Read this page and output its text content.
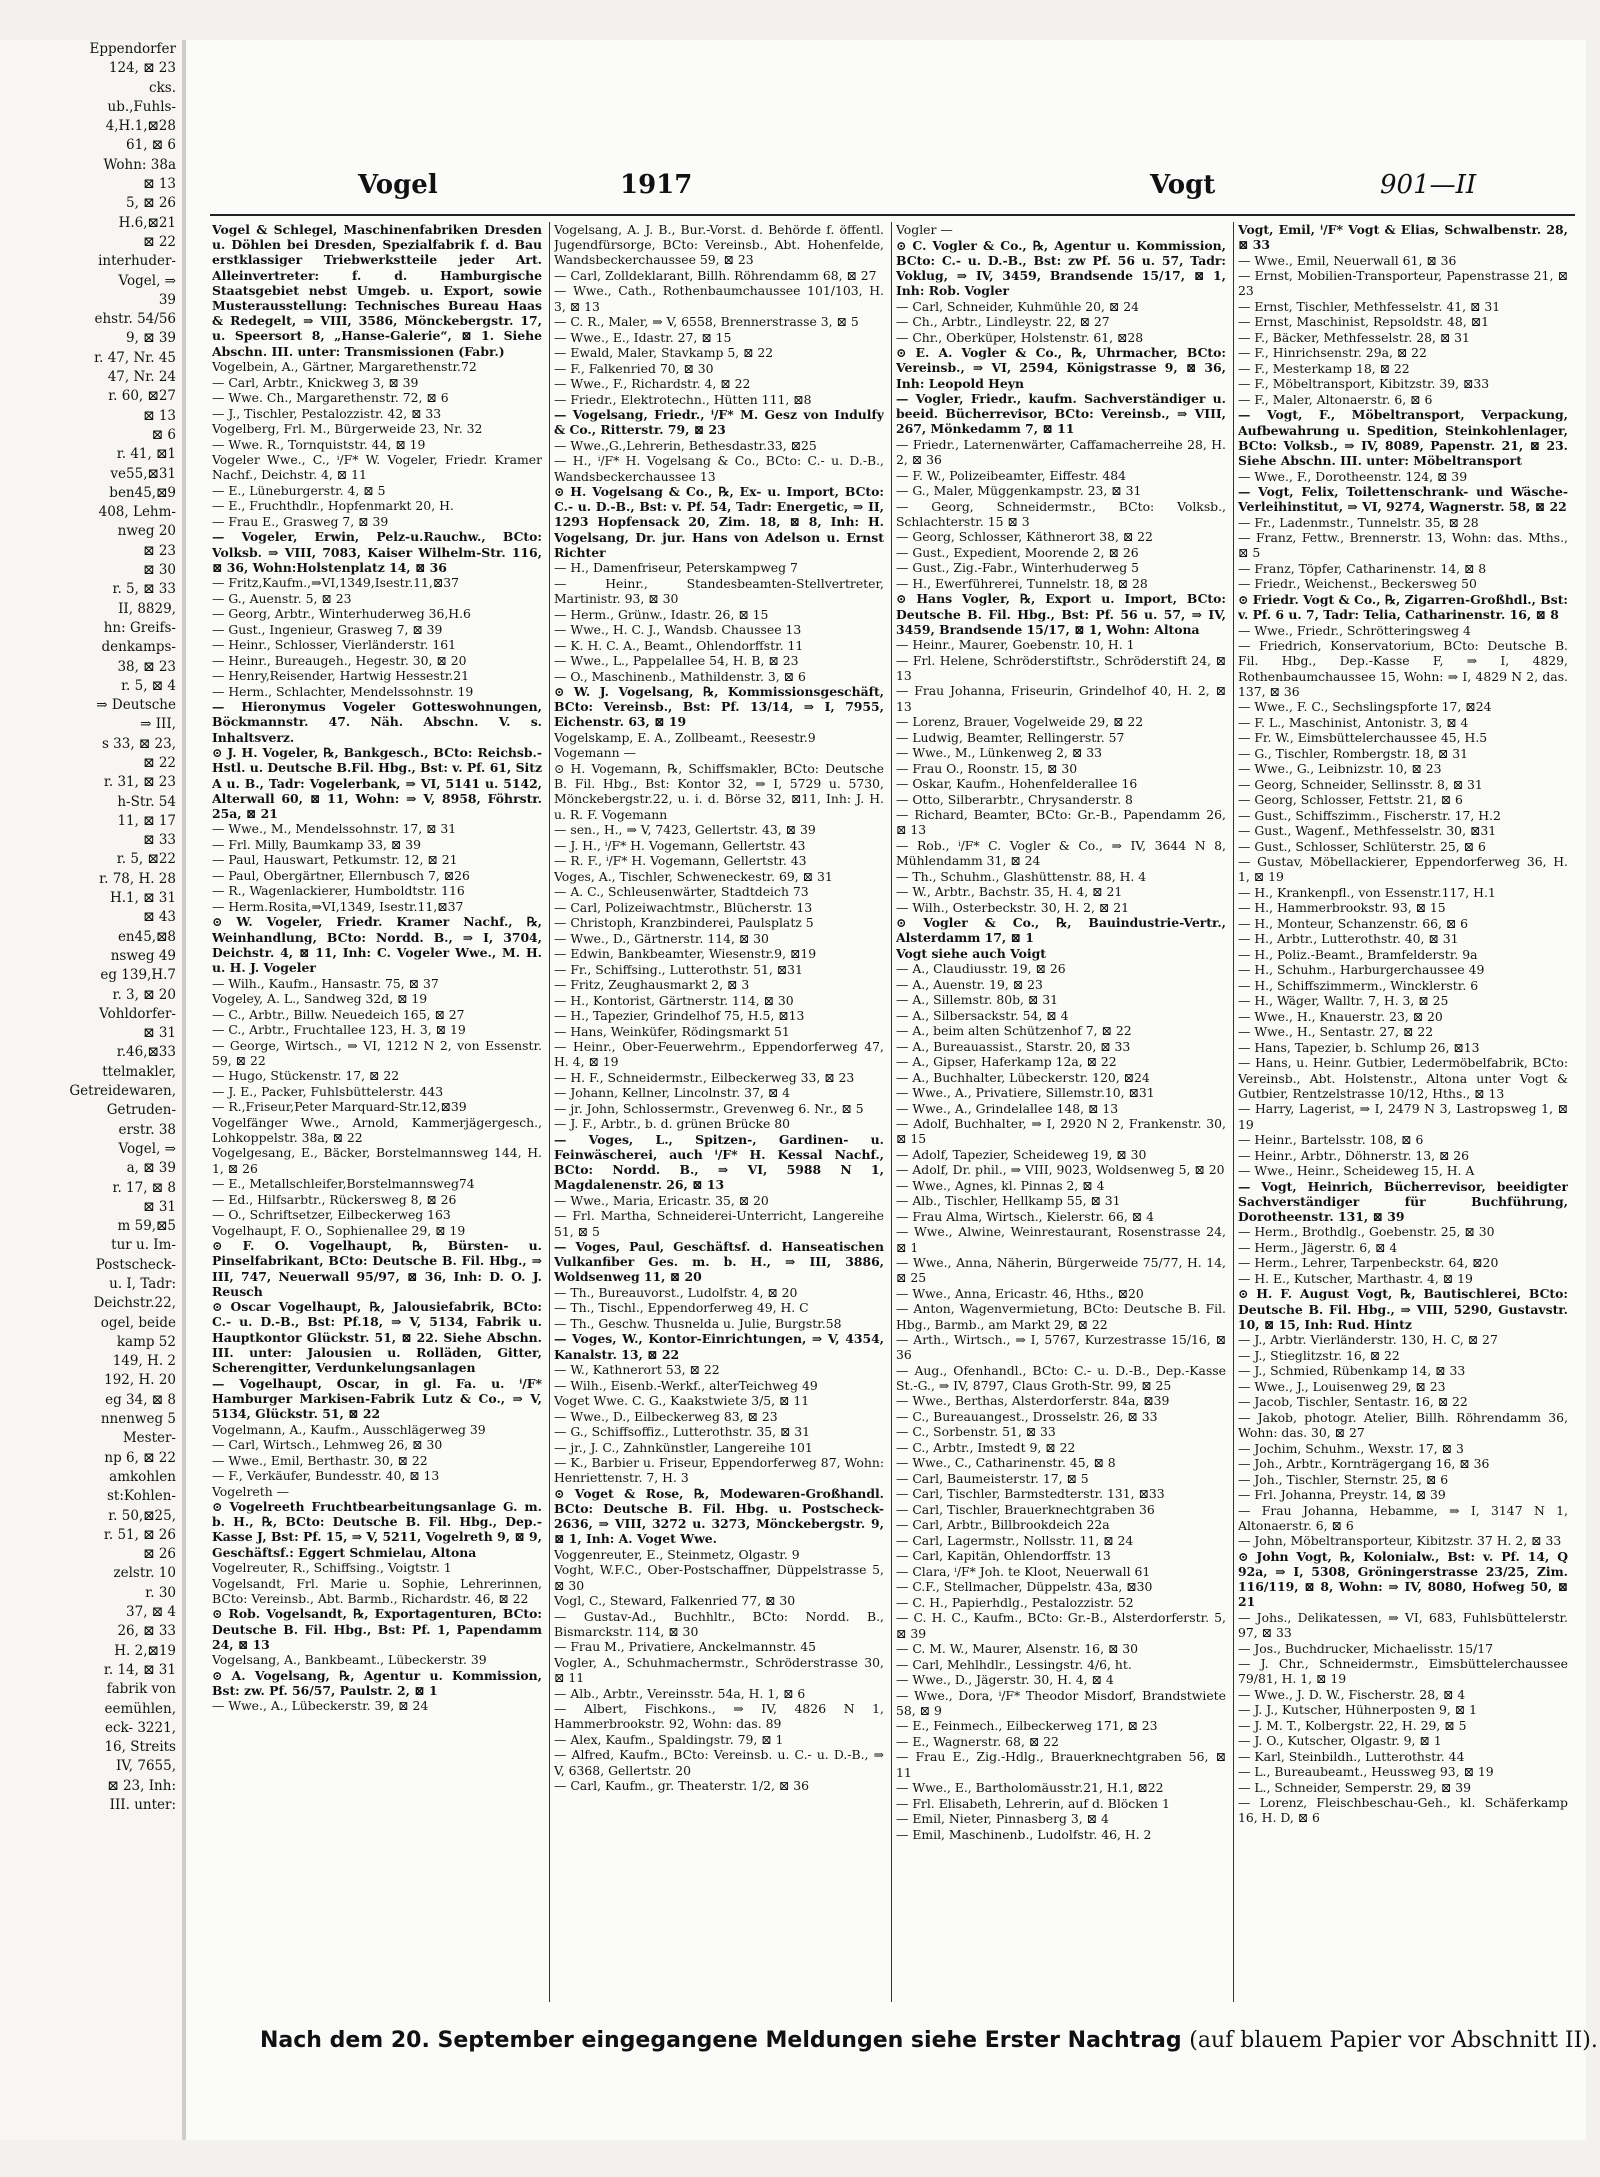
Eppendorfer
124, ⊠ 23
cks.
ub.,Fuhls-
4,H.1,⊠28
61, ⊠ 6
Wohn: 38a
⊠ 13
5, ⊠ 26
H.6,⊠21
⊠ 22
interhuder-
Vogel, ⇒
39
ehstr. 54/56
9, ⊠ 39
r. 47, Nr. 45
47, Nr. 24
r. 60, ⊠27
⊠ 13
⊠ 6
r. 41, ⊠1
ve55,⊠31
ben45,⊠9
408, Lehm-
nweg 20
⊠ 23
⊠ 30
r. 5, ⊠ 33
II, 8829,
hn: Greifs-
denkamps-
38, ⊠ 23
r. 5, ⊠ 4
⇒ Deutsche
⇒ III,
s 33, ⊠ 23,
⊠ 22
r. 31, ⊠ 23
h-Str. 54
11, ⊠ 17
⊠ 33
r. 5, ⊠22
r. 78, H. 28
H.1, ⊠ 31
⊠ 43
en45,⊠8
nsweg 49
eg 139,H.7
r. 3, ⊠ 20
Vohldorfer-
⊠ 31
r.46,⊠33
ttelmakler,
Getreidewaren,
Getruden-
erstr. 38
Vogel, ⇒
a, ⊠ 39
r. 17, ⊠ 8
⊠ 31
m 59,⊠5
tur u. Im-
Postscheck-
u. I, Tadr:
Deichstr.22,
ogel, beide
kamp 52
149, H. 2
192, H. 20
eg 34, ⊠ 8
nnenweg 5
Mester-
np 6, ⊠ 22
amkohlen
st:Kohlen-
r. 50,⊠25,
r. 51, ⊠ 26
⊠ 26
zelstr. 10
r. 30
37, ⊠ 4
26, ⊠ 33
H. 2,⊠19
r. 14, ⊠ 31
fabrik von
eemühlen,
eck- 3221,
16, Streits
IV, 7655,
⊠ 23, Inh:
III. unter:
Vogel	1917	Vogt	901—II
Vogel & Schlegel, Maschinenfabriken Dresden u. Döhlen bei Dresden, Spezialfabrik f. d. Bau erstklassiger Triebwerkstteile jeder Art. Alleinvertreter: f. d. Hamburgische Staatsgebiet nebst Umgeb. u. Export, sowie Musterausstellung: Technisches Bureau Haas & Redegelt, ⇒ VIII, 3586, Mönckebergstr. 17, u. Speersort 8, „Hanse-Galerie“, ⊠ 1. Siehe Abschn. III. unter: Transmissionen (Fabr.)
Vogelbein, A., Gärtner, Margarethenstr.72
— Carl, Arbtr., Knickweg 3, ⊠ 39
— Wwe. Ch., Margarethenstr. 72, ⊠ 6
— J., Tischler, Pestalozzistr. 42, ⊠ 33
Vogelberg, Frl. M., Bürgerweide 23, Nr. 32
— Wwe. R., Tornquiststr. 44, ⊠ 19
Vogeler Wwe., C., ⁱ/F* W. Vogeler, Friedr. Kramer Nachf., Deichstr. 4, ⊠ 11
— E., Lüneburgerstr. 4, ⊠ 5
— E., Fruchthdlr., Hopfenmarkt 20, H.
— Frau E., Grasweg 7, ⊠ 39
— Vogeler, Erwin, Pelz-u.Rauchw., BCto: Volksb. ⇒ VIII, 7083, Kaiser Wilhelm-Str. 116, ⊠ 36, Wohn:Holstenplatz 14, ⊠ 36
— Fritz,Kaufm.,⇒VI,1349,Isestr.11,⊠37
— G., Auenstr. 5, ⊠ 23
— Georg, Arbtr., Winterhuderweg 36,H.6
— Gust., Ingenieur, Grasweg 7, ⊠ 39
— Heinr., Schlosser, Vierländerstr. 161
— Heinr., Bureaugeh., Hegestr. 30, ⊠ 20
— Henry,Reisender, Hartwig Hessestr.21
— Herm., Schlachter, Mendelssohnstr. 19
— Hieronymus Vogeler Gotteswohnungen, Böckmannstr. 47. Näh. Abschn. V. s. Inhaltsverz.
⊙ J. H. Vogeler, ℞, Bankgesch., BCto: Reichsb.-Hstl. u. Deutsche B.Fil. Hbg., Bst: v. Pf. 61, Sitz A u. B., Tadr: Vogelerbank, ⇒ VI, 5141 u. 5142, Alterwall 60, ⊠ 11, Wohn: ⇒ V, 8958, Föhrstr. 25a, ⊠ 21
— Wwe., M., Mendelssohnstr. 17, ⊠ 31
— Frl. Milly, Baumkamp 33, ⊠ 39
— Paul, Hauswart, Petkumstr. 12, ⊠ 21
— Paul, Obergärtner, Ellernbusch 7, ⊠26
— R., Wagenlackierer, Humboldtstr. 116
— Herm.Rosita,⇒VI,1349, Isestr.11,⊠37
⊙ W. Vogeler, Friedr. Kramer Nachf., ℞, Weinhandlung, BCto: Nordd. B., ⇒ I, 3704, Deichstr. 4, ⊠ 11, Inh: C. Vogeler Wwe., M. H. u. H. J. Vogeler
— Wilh., Kaufm., Hansastr. 75, ⊠ 37
Vogeley, A. L., Sandweg 32d, ⊠ 19
— C., Arbtr., Billw. Neuedeich 165, ⊠ 27
— C., Arbtr., Fruchtallee 123, H. 3, ⊠ 19
— George, Wirtsch., ⇒ VI, 1212 N 2, von Essenstr. 59, ⊠ 22
— Hugo, Stückenstr. 17, ⊠ 22
— J. E., Packer, Fuhlsbüttelerstr. 443
— R.,Friseur,Peter Marquard-Str.12,⊠39
Vogelfänger Wwe., Arnold, Kammerjägergesch., Lohkoppelstr. 38a, ⊠ 22
Vogelgesang, E., Bäcker, Borstelmannsweg 144, H. 1, ⊠ 26
— E., Metallschleifer,Borstelmannsweg74
— Ed., Hilfsarbtr., Rückersweg 8, ⊠ 26
— O., Schriftsetzer, Eilbeckerweg 163
Vogelhaupt, F. O., Sophienallee 29, ⊠ 19
⊙ F. O. Vogelhaupt, ℞, Bürsten- u. Pinselfabrikant, BCto: Deutsche B. Fil. Hbg., ⇒ III, 747, Neuerwall 95/97, ⊠ 36, Inh: D. O. J. Reusch
⊙ Oscar Vogelhaupt, ℞, Jalousiefabrik, BCto: C.- u. D.-B., Bst: Pf.18, ⇒ V, 5134, Fabrik u. Hauptkontor Glückstr. 51, ⊠ 22. Siehe Abschn. III. unter: Jalousien u. Rolläden, Gitter, Scherengitter, Verdunkelungsanlagen
— Vogelhaupt, Oscar, in gl. Fa. u. ⁱ/F* Hamburger Markisen-Fabrik Lutz & Co., ⇒ V, 5134, Glückstr. 51, ⊠ 22
Vogelmann, A., Kaufm., Ausschlägerweg 39
— Carl, Wirtsch., Lehmweg 26, ⊠ 30
— Wwe., Emil, Berthastr. 30, ⊠ 22
— F., Verkäufer, Bundesstr. 40, ⊠ 13
Vogelreth —
⊙ Vogelreeth Fruchtbearbeitungsanlage G. m. b. H., ℞, BCto: Deutsche B. Fil. Hbg., Dep.-Kasse J, Bst: Pf. 15, ⇒ V, 5211, Vogelreth 9, ⊠ 9, Geschäftsf.: Eggert Schmielau, Altona
Vogelreuter, R., Schiffsing., Voigtstr. 1
Vogelsandt, Frl. Marie u. Sophie, Lehrerinnen, BCto: Vereinsb., Abt. Barmb., Richardstr. 46, ⊠ 22
⊙ Rob. Vogelsandt, ℞, Exportagenturen, BCto: Deutsche B. Fil. Hbg., Bst: Pf. 1, Papendamm 24, ⊠ 13
Vogelsang, A., Bankbeamt., Lübeckerstr. 39
⊙ A. Vogelsang, ℞, Agentur u. Kommission, Bst: zw. Pf. 56/57, Paulstr. 2, ⊠ 1
— Wwe., A., Lübeckerstr. 39, ⊠ 24
Vogelsang, A. J. B., Bur.-Vorst. d. Behörde f. öffentl. Jugendfürsorge, BCto: Vereinsb., Abt. Hohenfelde, Wandsbeckerchaussee 59, ⊠ 23
— Carl, Zolldeklarant, Billh. Röhrendamm 68, ⊠ 27
— Wwe., Cath., Rothenbaumchaussee 101/103, H. 3, ⊠ 13
— C. R., Maler, ⇒ V, 6558, Brennerstrasse 3, ⊠ 5
— Wwe., E., Idastr. 27, ⊠ 15
— Ewald, Maler, Stavkamp 5, ⊠ 22
— F., Falkenried 70, ⊠ 30
— Wwe., F., Richardstr. 4, ⊠ 22
— Friedr., Elektrotechn., Hütten 111, ⊠8
— Vogelsang, Friedr., ⁱ/F* M. Gesz von Indulfy & Co., Ritterstr. 79, ⊠ 23
— Wwe.,G.,Lehrerin, Bethesdastr.33, ⊠25
— H., ⁱ/F* H. Vogelsang & Co., BCto: C.- u. D.-B., Wandsbeckerchaussee 13
⊙ H. Vogelsang & Co., ℞, Ex- u. Import, BCto: C.- u. D.-B., Bst: v. Pf. 54, Tadr: Energetic, ⇒ II, 1293 Hopfensack 20, Zim. 18, ⊠ 8, Inh: H. Vogelsang, Dr. jur. Hans von Adelson u. Ernst Richter
— H., Damenfriseur, Peterskampweg 7
— Heinr., Standesbeamten-Stellvertreter, Martinistr. 93, ⊠ 30
— Herm., Grünw., Idastr. 26, ⊠ 15
— Wwe., H. C. J., Wandsb. Chaussee 13
— K. H. C. A., Beamt., Ohlendorffstr. 11
— Wwe., L., Pappelallee 54, H. B, ⊠ 23
— O., Maschinenb., Mathildenstr. 3, ⊠ 6
⊙ W. J. Vogelsang, ℞, Kommissionsgeschäft, BCto: Vereinsb., Bst: Pf. 13/14, ⇒ I, 7955, Eichenstr. 63, ⊠ 19
Vogelskamp, E. A., Zollbeamt., Reesestr.9
Vogemann —
⊙ H. Vogemann, ℞, Schiffsmakler, BCto: Deutsche B. Fil. Hbg., Bst: Kontor 32, ⇒ I, 5729 u. 5730, Mönckebergstr.22, u. i. d. Börse 32, ⊠11, Inh: J. H. u. R. F. Vogemann
— sen., H., ⇒ V, 7423, Gellertstr. 43, ⊠ 39
— J. H., ⁱ/F* H. Vogemann, Gellertstr. 43
— R. F., ⁱ/F* H. Vogemann, Gellertstr. 43
Voges, A., Tischler, Schweneckestr. 69, ⊠ 31
— A. C., Schleusenwärter, Stadtdeich 73
— Carl, Polizeiwachtmstr., Blücherstr. 13
— Christoph, Kranzbinderei, Paulsplatz 5
— Wwe., D., Gärtnerstr. 114, ⊠ 30
— Edwin, Bankbeamter, Wiesenstr.9, ⊠19
— Fr., Schiffsing., Lutterothstr. 51, ⊠31
— Fritz, Zeughausmarkt 2, ⊠ 3
— H., Kontorist, Gärtnerstr. 114, ⊠ 30
— H., Tapezier, Grindelhof 75, H.5, ⊠13
— Hans, Weinküfer, Rödingsmarkt 51
— Heinr., Ober-Feuerwehrm., Eppendorferweg 47, H. 4, ⊠ 19
— H. F., Schneidermstr., Eilbeckerweg 33, ⊠ 23
— Johann, Kellner, Lincolnstr. 37, ⊠ 4
— jr. John, Schlossermstr., Grevenweg 6. Nr., ⊠ 5
— J. F., Arbtr., b. d. grünen Brücke 80
— Voges, L., Spitzen-, Gardinen- u. Feinwäscherei, auch ⁱ/F* H. Kessal Nachf., BCto: Nordd. B., ⇒ VI, 5988 N 1, Magdalenenstr. 26, ⊠ 13
— Wwe., Maria, Ericastr. 35, ⊠ 20
— Frl. Martha, Schneiderei-Unterricht, Langereihe 51, ⊠ 5
— Voges, Paul, Geschäftsf. d. Hanseatischen Vulkanfiber Ges. m. b. H., ⇒ III, 3886, Woldsenweg 11, ⊠ 20
— Th., Bureauvorst., Ludolfstr. 4, ⊠ 20
— Th., Tischl., Eppendorferweg 49, H. C
— Th., Geschw. Thusnelda u. Julie, Burgstr.58
— Voges, W., Kontor-Einrichtungen, ⇒ V, 4354, Kanalstr. 13, ⊠ 22
— W., Kathnerort 53, ⊠ 22
— Wilh., Eisenb.-Werkf., alterTeichweg 49
Voget Wwe. C. G., Kaakstwiete 3/5, ⊠ 11
— Wwe., D., Eilbeckerweg 83, ⊠ 23
— G., Schiffsoffiz., Lutterothstr. 35, ⊠ 31
— jr., J. C., Zahnkünstler, Langereihe 101
— K., Barbier u. Friseur, Eppendorferweg 87, Wohn: Henriettenstr. 7, H. 3
⊙ Voget & Rose, ℞, Modewaren-Großhandl. BCto: Deutsche B. Fil. Hbg. u. Postscheck- 2636, ⇒ VIII, 3272 u. 3273, Mönckebergstr. 9, ⊠ 1, Inh: A. Voget Wwe.
Voggenreuter, E., Steinmetz, Olgastr. 9
Voght, W.F.C., Ober-Postschaffner, Düppelstrasse 5, ⊠ 30
Vogl, C., Steward, Falkenried 77, ⊠ 30
— Gustav-Ad., Buchhltr., BCto: Nordd. B., Bismarckstr. 114, ⊠ 30
— Frau M., Privatiere, Anckelmannstr. 45
Vogler, A., Schuhmachermstr., Schröderstrasse 30, ⊠ 11
— Alb., Arbtr., Vereinsstr. 54a, H. 1, ⊠ 6
— Albert, Fischkons., ⇒ IV, 4826 N 1, Hammerbrookstr. 92, Wohn: das. 89
— Alex, Kaufm., Spaldingstr. 79, ⊠ 1
— Alfred, Kaufm., BCto: Vereinsb. u. C.- u. D.-B., ⇒ V, 6368, Gellertstr. 20
— Carl, Kaufm., gr. Theaterstr. 1/2, ⊠ 36
Vogler —
⊙ C. Vogler & Co., ℞, Agentur u. Kommission, BCto: C.- u. D.-B., Bst: zw Pf. 56 u. 57, Tadr: Voklug, ⇒ IV, 3459, Brandsende 15/17, ⊠ 1, Inh: Rob. Vogler
— Carl, Schneider, Kuhmühle 20, ⊠ 24
— Ch., Arbtr., Lindleystr. 22, ⊠ 27
— Chr., Oberküper, Holstenstr. 61, ⊠28
⊙ E. A. Vogler & Co., ℞, Uhrmacher, BCto: Vereinsb., ⇒ VI, 2594, Königstrasse 9, ⊠ 36, Inh: Leopold Heyn
— Vogler, Friedr., kaufm. Sachverständiger u. beeid. Bücherrevisor, BCto: Vereinsb., ⇒ VIII, 267, Mönkedamm 7, ⊠ 11
— Friedr., Laternenwärter, Caffamacherreihe 28, H. 2, ⊠ 36
— F. W., Polizeibeamter, Eiffestr. 484
— G., Maler, Müggenkampstr. 23, ⊠ 31
— Georg, Schneidermstr., BCto: Volksb., Schlachterstr. 15 ⊠ 3
— Georg, Schlosser, Käthnerort 38, ⊠ 22
— Gust., Expedient, Moorende 2, ⊠ 26
— Gust., Zig.-Fabr., Winterhuderweg 5
— H., Ewerführerei, Tunnelstr. 18, ⊠ 28
⊙ Hans Vogler, ℞, Export u. Import, BCto: Deutsche B. Fil. Hbg., Bst: Pf. 56 u. 57, ⇒ IV, 3459, Brandsende 15/17, ⊠ 1, Wohn: Altona
— Heinr., Maurer, Goebenstr. 10, H. 1
— Frl. Helene, Schröderstiftstr., Schröderstift 24, ⊠ 13
— Frau Johanna, Friseurin, Grindelhof 40, H. 2, ⊠ 13
— Lorenz, Brauer, Vogelweide 29, ⊠ 22
— Ludwig, Beamter, Rellingerstr. 57
— Wwe., M., Lünkenweg 2, ⊠ 33
— Frau O., Roonstr. 15, ⊠ 30
— Oskar, Kaufm., Hohenfelderallee 16
— Otto, Silberarbtr., Chrysanderstr. 8
— Richard, Beamter, BCto: Gr.-B., Papendamm 26, ⊠ 13
— Rob., ⁱ/F* C. Vogler & Co., ⇒ IV, 3644 N 8, Mühlendamm 31, ⊠ 24
— Th., Schuhm., Glashüttenstr. 88, H. 4
— W., Arbtr., Bachstr. 35, H. 4, ⊠ 21
— Wilh., Osterbeckstr. 30, H. 2, ⊠ 21
⊙ Vogler & Co., ℞, Bauindustrie-Vertr., Alsterdamm 17, ⊠ 1
Vogt siehe auch Voigt
— A., Claudiusstr. 19, ⊠ 26
— A., Auenstr. 19, ⊠ 23
— A., Sillemstr. 80b, ⊠ 31
— A., Silbersackstr. 54, ⊠ 4
— A., beim alten Schützenhof 7, ⊠ 22
— A., Bureauassist., Starstr. 20, ⊠ 33
— A., Gipser, Haferkamp 12a, ⊠ 22
— A., Buchhalter, Lübeckerstr. 120, ⊠24
— Wwe., A., Privatiere, Sillemstr.10, ⊠31
— Wwe., A., Grindelallee 148, ⊠ 13
— Adolf, Buchhalter, ⇒ I, 2920 N 2, Frankenstr. 30, ⊠ 15
— Adolf, Tapezier, Scheideweg 19, ⊠ 30
— Adolf, Dr. phil., ⇒ VIII, 9023, Woldsenweg 5, ⊠ 20
— Wwe., Agnes, kl. Pinnas 2, ⊠ 4
— Alb., Tischler, Hellkamp 55, ⊠ 31
— Frau Alma, Wirtsch., Kielerstr. 66, ⊠ 4
— Wwe., Alwine, Weinrestaurant, Rosenstrasse 24, ⊠ 1
— Wwe., Anna, Näherin, Bürgerweide 75/77, H. 14, ⊠ 25
— Wwe., Anna, Ericastr. 46, Hths., ⊠20
— Anton, Wagenvermietung, BCto: Deutsche B. Fil. Hbg., Barmb., am Markt 29, ⊠ 22
— Arth., Wirtsch., ⇒ I, 5767, Kurzestrasse 15/16, ⊠ 36
— Aug., Ofenhandl., BCto: C.- u. D.-B., Dep.-Kasse St.-G., ⇒ IV, 8797, Claus Groth-Str. 99, ⊠ 25
— Wwe., Berthas, Alsterdorferstr. 84a, ⊠39
— C., Bureauangest., Drosselstr. 26, ⊠ 33
— C., Sorbenstr. 51, ⊠ 33
— C., Arbtr., Imstedt 9, ⊠ 22
— Wwe., C., Catharinenstr. 45, ⊠ 8
— Carl, Baumeisterstr. 17, ⊠ 5
— Carl, Tischler, Barmstedterstr. 131, ⊠33
— Carl, Tischler, Brauerknechtgraben 36
— Carl, Arbtr., Billbrookdeich 22a
— Carl, Lagermstr., Nollsstr. 11, ⊠ 24
— Carl, Kapitän, Ohlendorffstr. 13
— Clara, ⁱ/F* Joh. te Kloot, Neuerwall 61
— C.F., Stellmacher, Düppelstr. 43a, ⊠30
— C. H., Papierhdlg., Pestalozzistr. 52
— C. H. C., Kaufm., BCto: Gr.-B., Alsterdorferstr. 5, ⊠ 39
— C. M. W., Maurer, Alsenstr. 16, ⊠ 30
— Carl, Mehlhdlr., Lessingstr. 4/6, ht.
— Wwe., D., Jägerstr. 30, H. 4, ⊠ 4
— Wwe., Dora, ⁱ/F* Theodor Misdorf, Brandstwiete 58, ⊠ 9
— E., Feinmech., Eilbeckerweg 171, ⊠ 23
— E., Wagnerstr. 68, ⊠ 22
— Frau E., Zig.-Hdlg., Brauerknechtgraben 56, ⊠ 11
— Wwe., E., Bartholomäusstr.21, H.1, ⊠22
— Frl. Elisabeth, Lehrerin, auf d. Blöcken 1
— Emil, Nieter, Pinnasberg 3, ⊠ 4
— Emil, Maschinenb., Ludolfstr. 46, H. 2
Vogt, Emil, ⁱ/F* Vogt & Elias, Schwalbenstr. 28, ⊠ 33
— Wwe., Emil, Neuerwall 61, ⊠ 36
— Ernst, Mobilien-Transporteur, Papenstrasse 21, ⊠ 23
— Ernst, Tischler, Methfesselstr. 41, ⊠ 31
— Ernst, Maschinist, Repsoldstr. 48, ⊠1
— F., Bäcker, Methfesselstr. 28, ⊠ 31
— F., Hinrichsenstr. 29a, ⊠ 22
— F., Mesterkamp 18, ⊠ 22
— F., Möbeltransport, Kibitzstr. 39, ⊠33
— F., Maler, Altonaerstr. 6, ⊠ 6
— Vogt, F., Möbeltransport, Verpackung, Aufbewahrung u. Spedition, Steinkohlenlager, BCto: Volksb., ⇒ IV, 8089, Papenstr. 21, ⊠ 23. Siehe Abschn. III. unter: Möbeltransport
— Wwe., F., Dorotheenstr. 124, ⊠ 39
— Vogt, Felix, Toilettenschrank- und Wäsche-Verleihinstitut, ⇒ VI, 9274, Wagnerstr. 58, ⊠ 22
— Fr., Ladenmstr., Tunnelstr. 35, ⊠ 28
— Franz, Fettw., Brennerstr. 13, Wohn: das. Mths., ⊠ 5
— Franz, Töpfer, Catharinenstr. 14, ⊠ 8
— Friedr., Weichenst., Beckersweg 50
⊙ Friedr. Vogt & Co., ℞, Zigarren-Großhdl., Bst: v. Pf. 6 u. 7, Tadr: Telia, Catharinenstr. 16, ⊠ 8
— Wwe., Friedr., Schrötteringsweg 4
— Friedrich, Konservatorium, BCto: Deutsche B. Fil. Hbg., Dep.-Kasse F, ⇒ I, 4829, Rothenbaumchaussee 15, Wohn: ⇒ I, 4829 N 2, das. 137, ⊠ 36
— Wwe., F. C., Sechslingspforte 17, ⊠24
— F. L., Maschinist, Antonistr. 3, ⊠ 4
— Fr. W., Eimsbüttelerchaussee 45, H.5
— G., Tischler, Rombergstr. 18, ⊠ 31
— Wwe., G., Leibnizstr. 10, ⊠ 23
— Georg, Schneider, Sellinsstr. 8, ⊠ 31
— Georg, Schlosser, Fettstr. 21, ⊠ 6
— Gust., Schiffszimm., Fischerstr. 17, H.2
— Gust., Wagenf., Methfesselstr. 30, ⊠31
— Gust., Schlosser, Schlüterstr. 25, ⊠ 6
— Gustav, Möbellackierer, Eppendorferweg 36, H. 1, ⊠ 19
— H., Krankenpfl., von Essenstr.117, H.1
— H., Hammerbrookstr. 93, ⊠ 15
— H., Monteur, Schanzenstr. 66, ⊠ 6
— H., Arbtr., Lutterothstr. 40, ⊠ 31
— H., Poliz.-Beamt., Bramfelderstr. 9a
— H., Schuhm., Harburgerchaussee 49
— H., Schiffszimmerm., Wincklerstr. 6
— H., Wäger, Walltr. 7, H. 3, ⊠ 25
— Wwe., H., Knauerstr. 23, ⊠ 20
— Wwe., H., Sentastr. 27, ⊠ 22
— Hans, Tapezier, b. Schlump 26, ⊠13
— Hans, u. Heinr. Gutbier, Ledermöbelfabrik, BCto: Vereinsb., Abt. Holstenstr., Altona unter Vogt & Gutbier, Rentzelstrasse 10/12, Hths., ⊠ 13
— Harry, Lagerist, ⇒ I, 2479 N 3, Lastropsweg 1, ⊠ 19
— Heinr., Bartelsstr. 108, ⊠ 6
— Heinr., Arbtr., Döhnerstr. 13, ⊠ 26
— Wwe., Heinr., Scheideweg 15, H. A
— Vogt, Heinrich, Bücherrevisor, beeidigter Sachverständiger für Buchführung, Dorotheenstr. 131, ⊠ 39
— Herm., Brothdlg., Goebenstr. 25, ⊠ 30
— Herm., Jägerstr. 6, ⊠ 4
— Herm., Lehrer, Tarpenbeckstr. 64, ⊠20
— H. E., Kutscher, Marthastr. 4, ⊠ 19
⊙ H. F. August Vogt, ℞, Bautischlerei, BCto: Deutsche B. Fil. Hbg., ⇒ VIII, 5290, Gustavstr. 10, ⊠ 15, Inh: Rud. Hintz
— J., Arbtr. Vierländerstr. 130, H. C, ⊠ 27
— J., Stieglitzstr. 16, ⊠ 22
— J., Schmied, Rübenkamp 14, ⊠ 33
— Wwe., J., Louisenweg 29, ⊠ 23
— Jacob, Tischler, Sentastr. 16, ⊠ 22
— Jakob, photogr. Atelier, Billh. Röhrendamm 36, Wohn: das. 30, ⊠ 27
— Jochim, Schuhm., Wexstr. 17, ⊠ 3
— Joh., Arbtr., Kornträgergang 16, ⊠ 36
— Joh., Tischler, Sternstr. 25, ⊠ 6
— Frl. Johanna, Preystr. 14, ⊠ 39
— Frau Johanna, Hebamme, ⇒ I, 3147 N 1, Altonaerstr. 6, ⊠ 6
— John, Möbeltransporteur, Kibitzstr. 37 H. 2, ⊠ 33
⊙ John Vogt, ℞, Kolonialw., Bst: v. Pf. 14, Q 92a, ⇒ I, 5308, Gröningerstrasse 23/25, Zim. 116/119, ⊠ 8, Wohn: ⇒ IV, 8080, Hofweg 50, ⊠ 21
— Johs., Delikatessen, ⇒ VI, 683, Fuhlsbüttelerstr. 97, ⊠ 33
— Jos., Buchdrucker, Michaelisstr. 15/17
— J. Chr., Schneidermstr., Eimsbüttelerchaussee 79/81, H. 1, ⊠ 19
— Wwe., J. D. W., Fischerstr. 28, ⊠ 4
— J. J., Kutscher, Hühnerposten 9, ⊠ 1
— J. M. T., Kolbergstr. 22, H. 29, ⊠ 5
— J. O., Kutscher, Olgastr. 9, ⊠ 1
— Karl, Steinbildh., Lutterothstr. 44
— L., Bureaubeamt., Heussweg 93, ⊠ 19
— L., Schneider, Semperstr. 29, ⊠ 39
— Lorenz, Fleischbeschau-Geh., kl. Schäferkamp 16, H. D, ⊠ 6
Nach dem 20. September eingegangene Meldungen siehe Erster Nachtrag (auf blauem Papier vor Abschnitt II).
